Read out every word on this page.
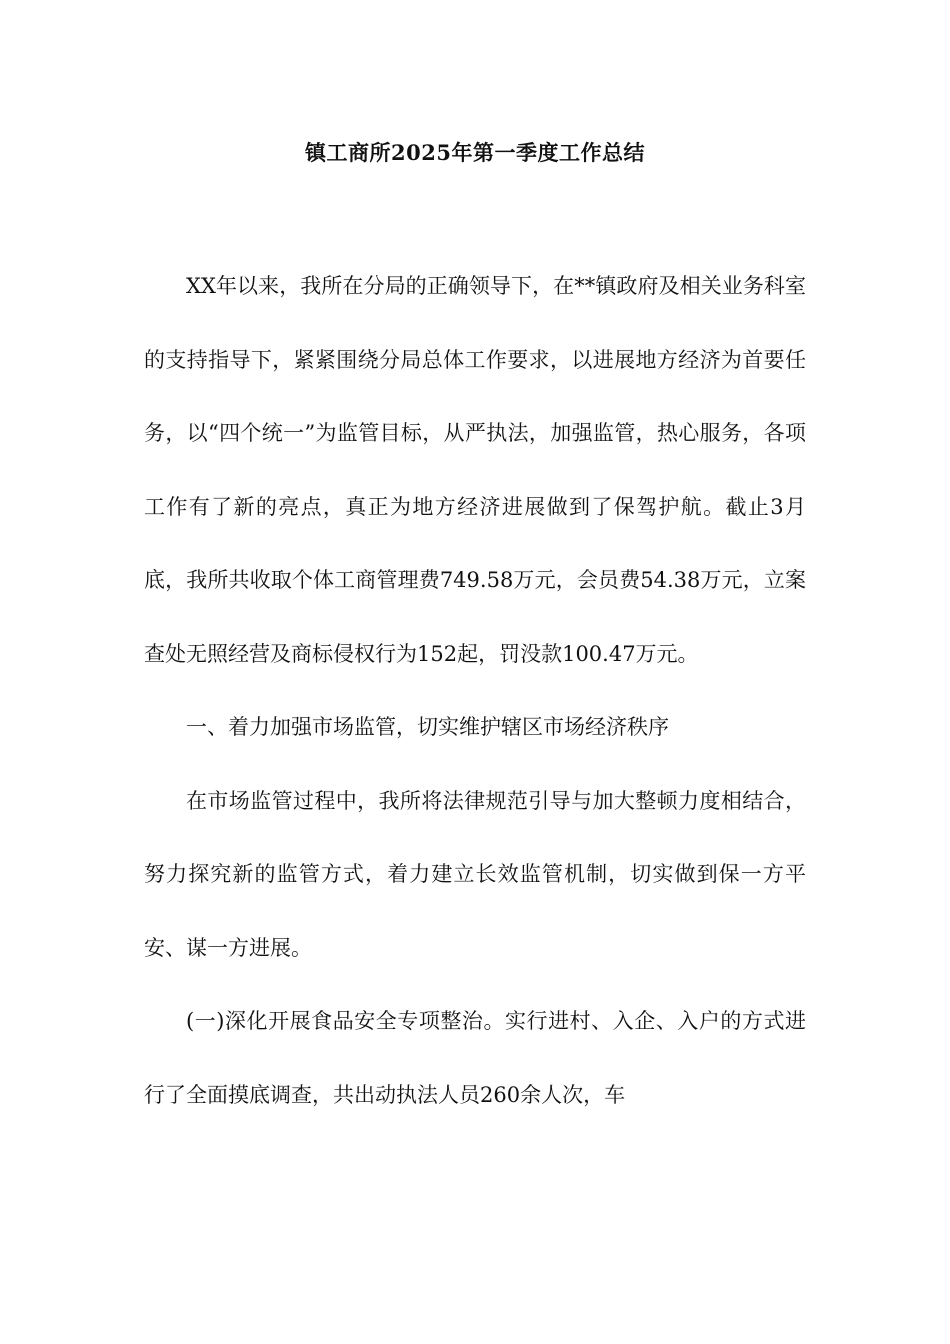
镇工商所2025年第一季度工作总结

XX年以来，我所在分局的正确领导下，在**镇政府及相关业务科室的支持指导下，紧紧围绕分局总体工作要求，以进展地方经济为首要任务，以“四个统一”为监管目标，从严执法，加强监管，热心服务，各项工作有了新的亮点，真正为地方经济进展做到了保驾护航。截止3月底，我所共收取个体工商管理费749.58万元，会员费54.38万元，立案查处无照经营及商标侵权行为152起，罚没款100.47万元。

一、着力加强市场监管，切实维护辖区市场经济秩序

在市场监管过程中，我所将法律规范引导与加大整顿力度相结合，努力探究新的监管方式，着力建立长效监管机制，切实做到保一方平安、谋一方进展。

(一)深化开展食品安全专项整治。实行进村、入企、入户的方式进行了全面摸底调查，共出动执法人员260余人次，车
